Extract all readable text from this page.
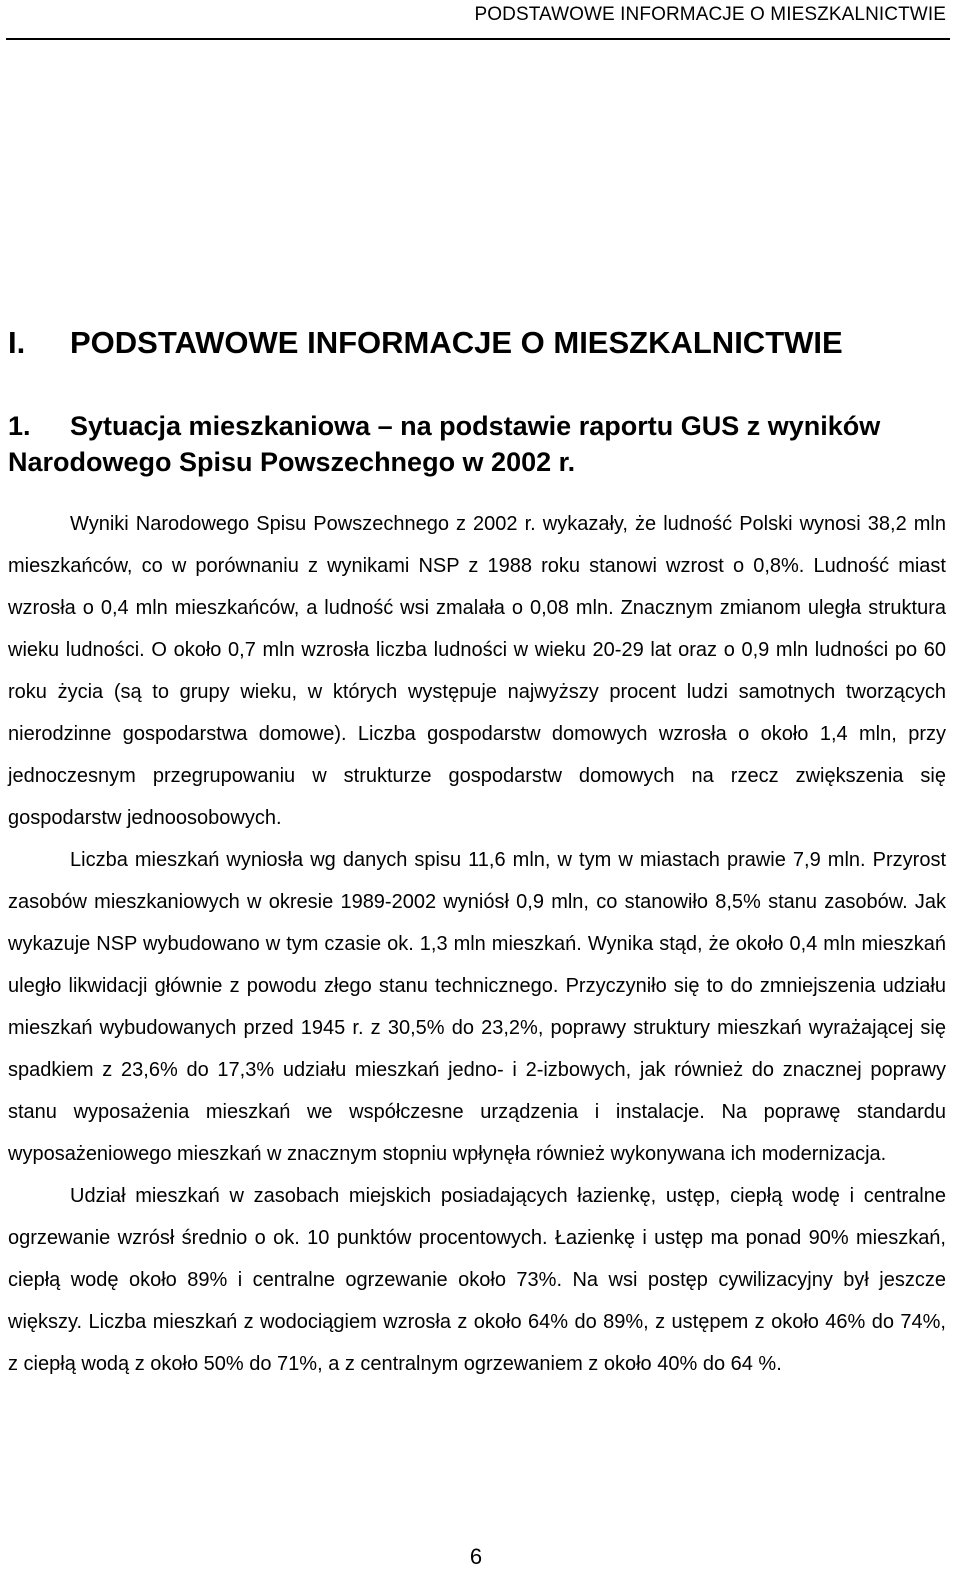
PODSTAWOWE INFORMACJE O MIESZKALNICTWIE
I. PODSTAWOWE INFORMACJE O MIESZKALNICTWIE
1. Sytuacja mieszkaniowa – na podstawie raportu GUS z wyników Narodowego Spisu Powszechnego w 2002 r.

Wyniki Narodowego Spisu Powszechnego z 2002 r. wykazały, że ludność Polski wynosi 38,2 mln mieszkańców, co w porównaniu z wynikami NSP z 1988 roku stanowi wzrost o 0,8%. Ludność miast wzrosła o 0,4 mln mieszkańców, a ludność wsi zmalała o 0,08 mln. Znacznym zmianom uległa struktura wieku ludności. O około 0,7 mln wzrosła liczba ludności w wieku 20-29 lat oraz o 0,9 mln ludności po 60 roku życia (są to grupy wieku, w których występuje najwyższy procent ludzi samotnych tworzących nierodzinne gospodarstwa domowe). Liczba gospodarstw domowych wzrosła o około 1,4 mln, przy jednoczesnym przegrupowaniu w strukturze gospodarstw domowych na rzecz zwiększenia się gospodarstw jednoosobowych.

Liczba mieszkań wyniosła wg danych spisu 11,6 mln, w tym w miastach prawie 7,9 mln. Przyrost zasobów mieszkaniowych w okresie 1989-2002 wyniósł 0,9 mln, co stanowiło 8,5% stanu zasobów. Jak wykazuje NSP wybudowano w tym czasie ok. 1,3 mln mieszkań. Wynika stąd, że około 0,4 mln mieszkań uległo likwidacji głównie z powodu złego stanu technicznego. Przyczyniło się to do zmniejszenia udziału mieszkań wybudowanych przed 1945 r. z 30,5% do 23,2%, poprawy struktury mieszkań wyrażającej się spadkiem z 23,6% do 17,3% udziału mieszkań jedno- i 2-izbowych, jak również do znacznej poprawy stanu wyposażenia mieszkań we współczesne urządzenia i instalacje. Na poprawę standardu wyposażeniowego mieszkań w znacznym stopniu wpłynęła również wykonywana ich modernizacja.

Udział mieszkań w zasobach miejskich posiadających łazienkę, ustęp, ciepłą wodę i centralne ogrzewanie wzrósł średnio o ok. 10 punktów procentowych. Łazienkę i ustęp ma ponad 90% mieszkań, ciepłą wodę około 89% i centralne ogrzewanie około 73%. Na wsi postęp cywilizacyjny był jeszcze większy. Liczba mieszkań z wodociągiem wzrosła z około 64% do 89%, z ustępem z około 46% do 74%, z ciepłą wodą z około 50% do 71%, a z centralnym ogrzewaniem z około 40% do 64 %.

6
